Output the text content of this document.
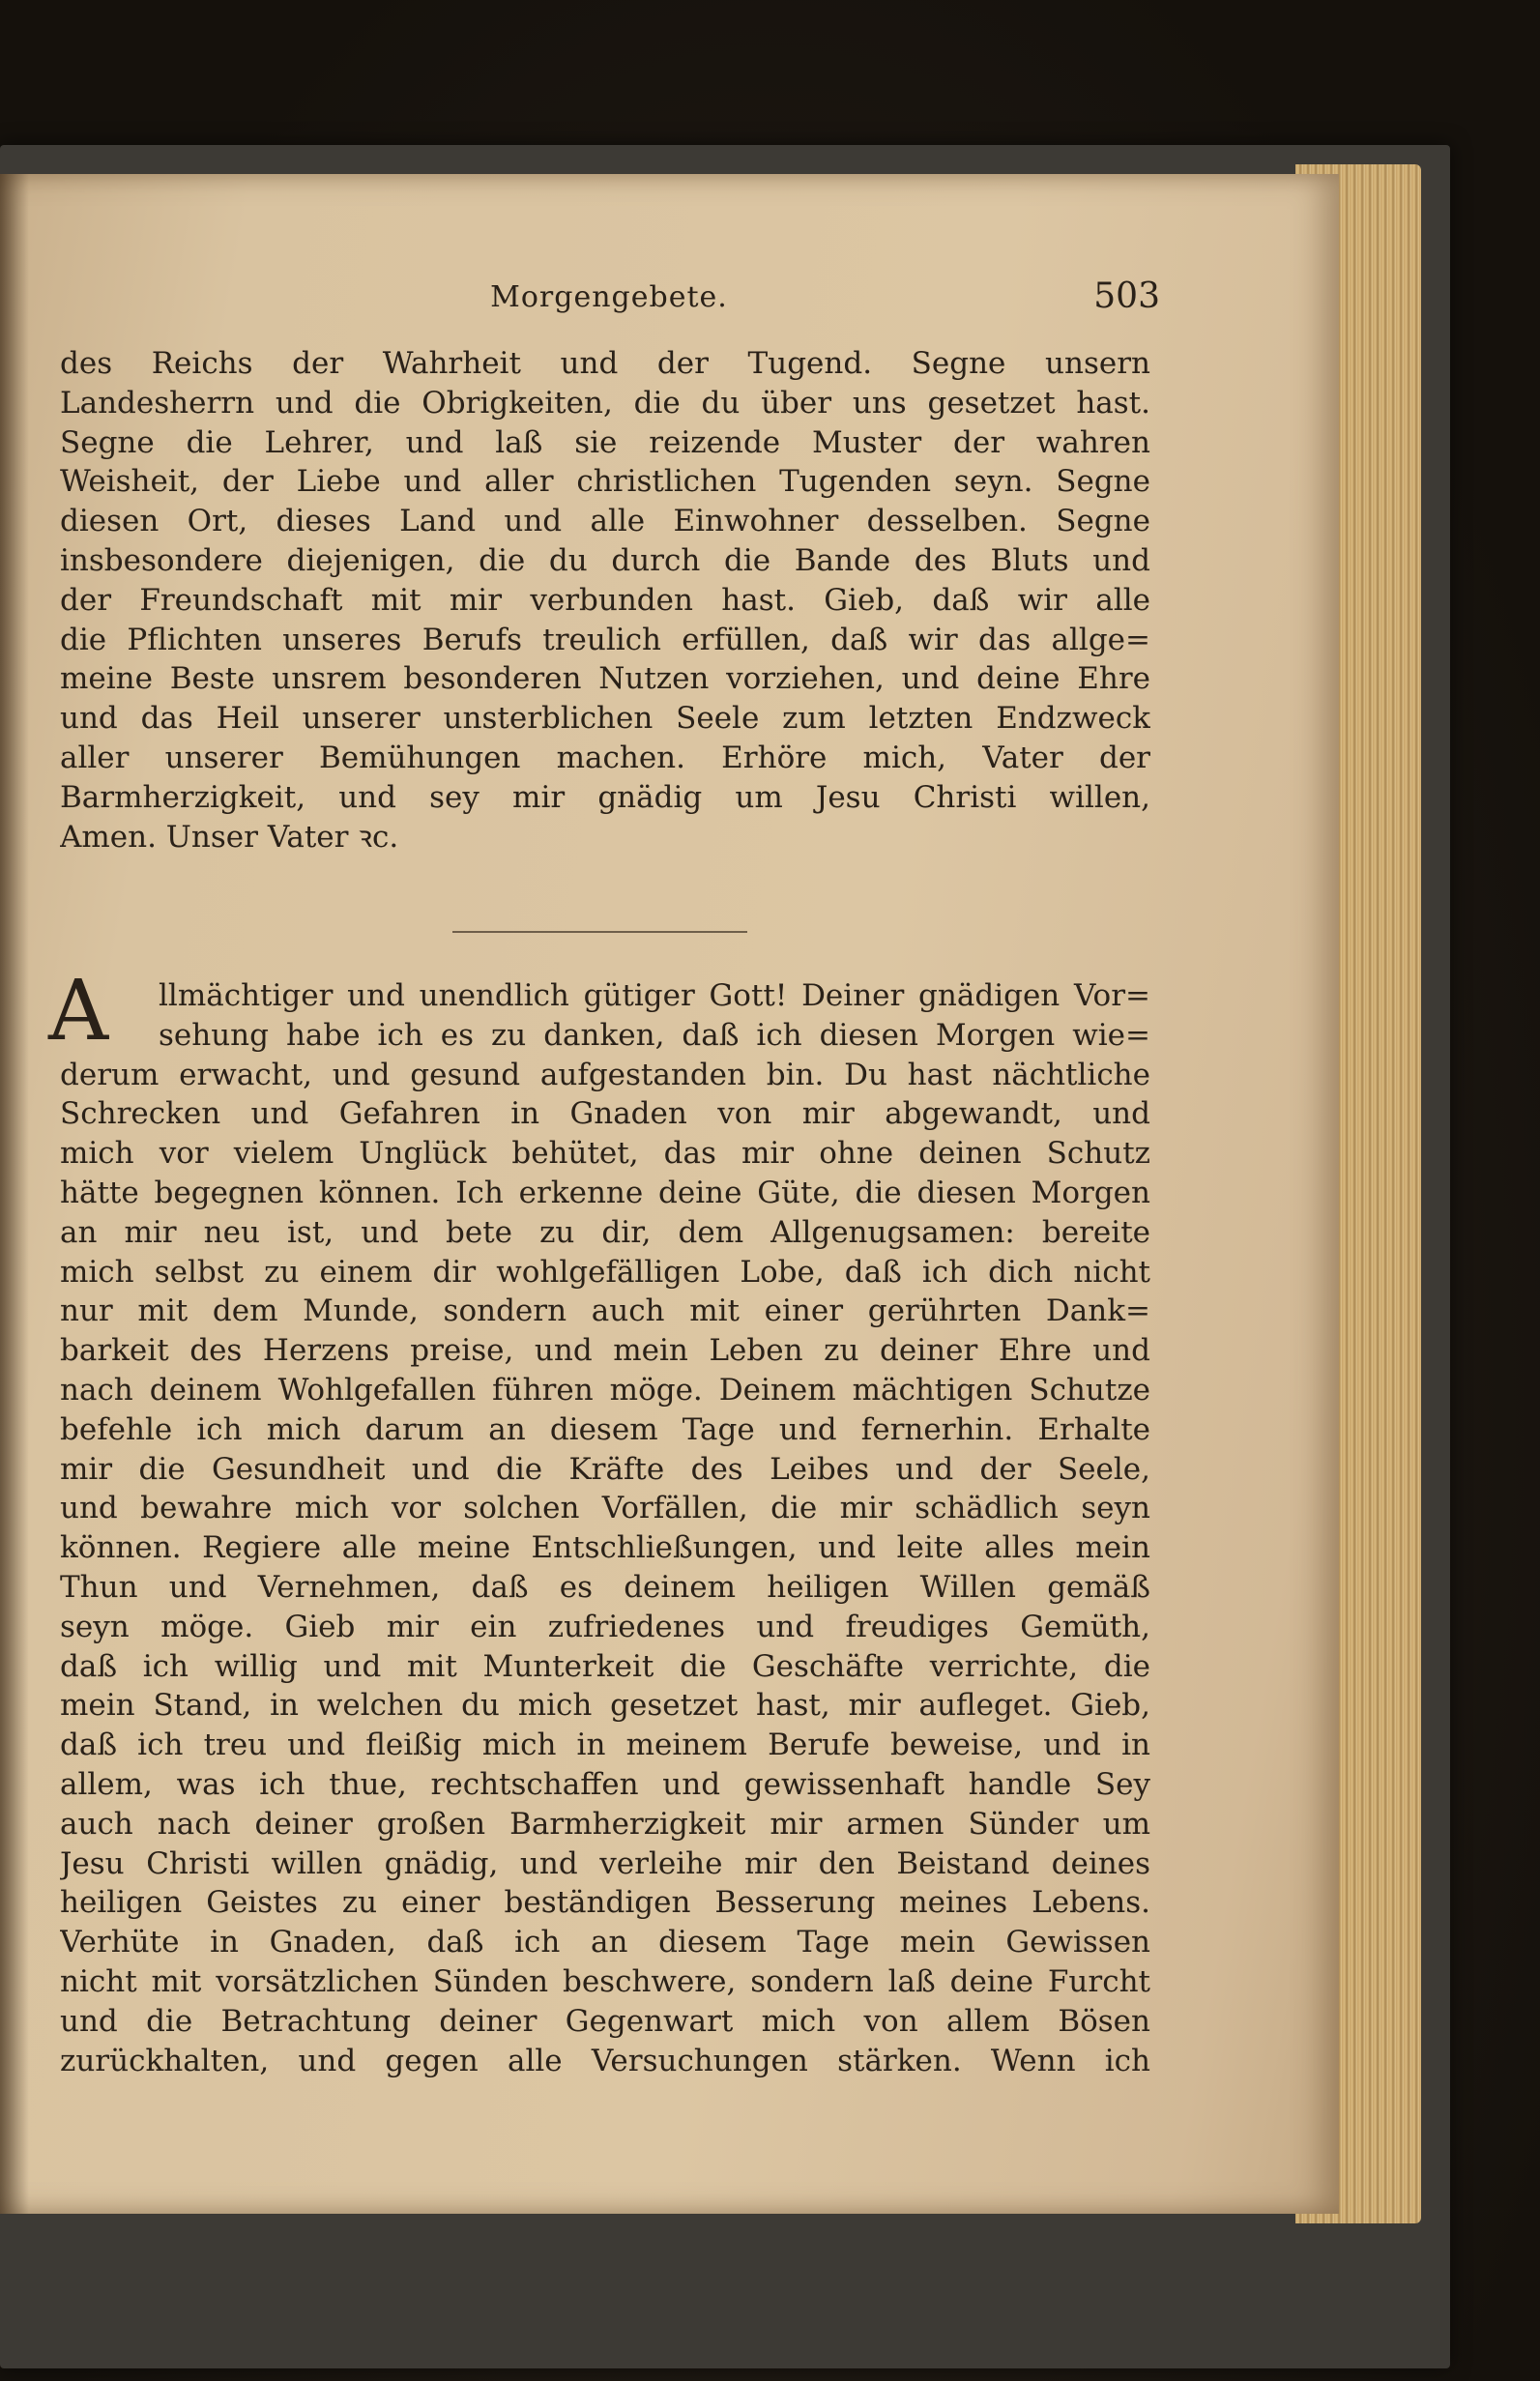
Morgengebete.	503
des Reichs der Wahrheit und der Tugend. Segne unsern
Landesherrn und die Obrigkeiten, die du über uns gesetzet hast.
Segne die Lehrer, und laß sie reizende Muster der wahren
Weisheit, der Liebe und aller christlichen Tugenden seyn. Segne
diesen Ort, dieses Land und alle Einwohner desselben. Segne
insbesondere diejenigen, die du durch die Bande des Bluts und
der Freundschaft mit mir verbunden hast. Gieb, daß wir alle
die Pflichten unseres Berufs treulich erfüllen, daß wir das allge=
meine Beste unsrem besonderen Nutzen vorziehen, und deine Ehre
und das Heil unserer unsterblichen Seele zum letzten Endzweck
aller unserer Bemühungen machen. Erhöre mich, Vater der
Barmherzigkeit, und sey mir gnädig um Jesu Christi willen,
Amen. Unser Vater ꝛc.
A	llmächtiger und unendlich gütiger Gott! Deiner gnädigen Vor=
sehung habe ich es zu danken, daß ich diesen Morgen wie=
derum erwacht, und gesund aufgestanden bin. Du hast nächtliche
Schrecken und Gefahren in Gnaden von mir abgewandt, und
mich vor vielem Unglück behütet, das mir ohne deinen Schutz
hätte begegnen können. Ich erkenne deine Güte, die diesen Morgen
an mir neu ist, und bete zu dir, dem Allgenugsamen: bereite
mich selbst zu einem dir wohlgefälligen Lobe, daß ich dich nicht
nur mit dem Munde, sondern auch mit einer gerührten Dank=
barkeit des Herzens preise, und mein Leben zu deiner Ehre und
nach deinem Wohlgefallen führen möge. Deinem mächtigen Schutze
befehle ich mich darum an diesem Tage und fernerhin. Erhalte
mir die Gesundheit und die Kräfte des Leibes und der Seele,
und bewahre mich vor solchen Vorfällen, die mir schädlich seyn
können. Regiere alle meine Entschließungen, und leite alles mein
Thun und Vernehmen, daß es deinem heiligen Willen gemäß
seyn möge. Gieb mir ein zufriedenes und freudiges Gemüth,
daß ich willig und mit Munterkeit die Geschäfte verrichte, die
mein Stand, in welchen du mich gesetzet hast, mir aufleget. Gieb,
daß ich treu und fleißig mich in meinem Berufe beweise, und in
allem, was ich thue, rechtschaffen und gewissenhaft handle Sey
auch nach deiner großen Barmherzigkeit mir armen Sünder um
Jesu Christi willen gnädig, und verleihe mir den Beistand deines
heiligen Geistes zu einer beständigen Besserung meines Lebens.
Verhüte in Gnaden, daß ich an diesem Tage mein Gewissen
nicht mit vorsätzlichen Sünden beschwere, sondern laß deine Furcht
und die Betrachtung deiner Gegenwart mich von allem Bösen
zurückhalten, und gegen alle Versuchungen stärken. Wenn ich
